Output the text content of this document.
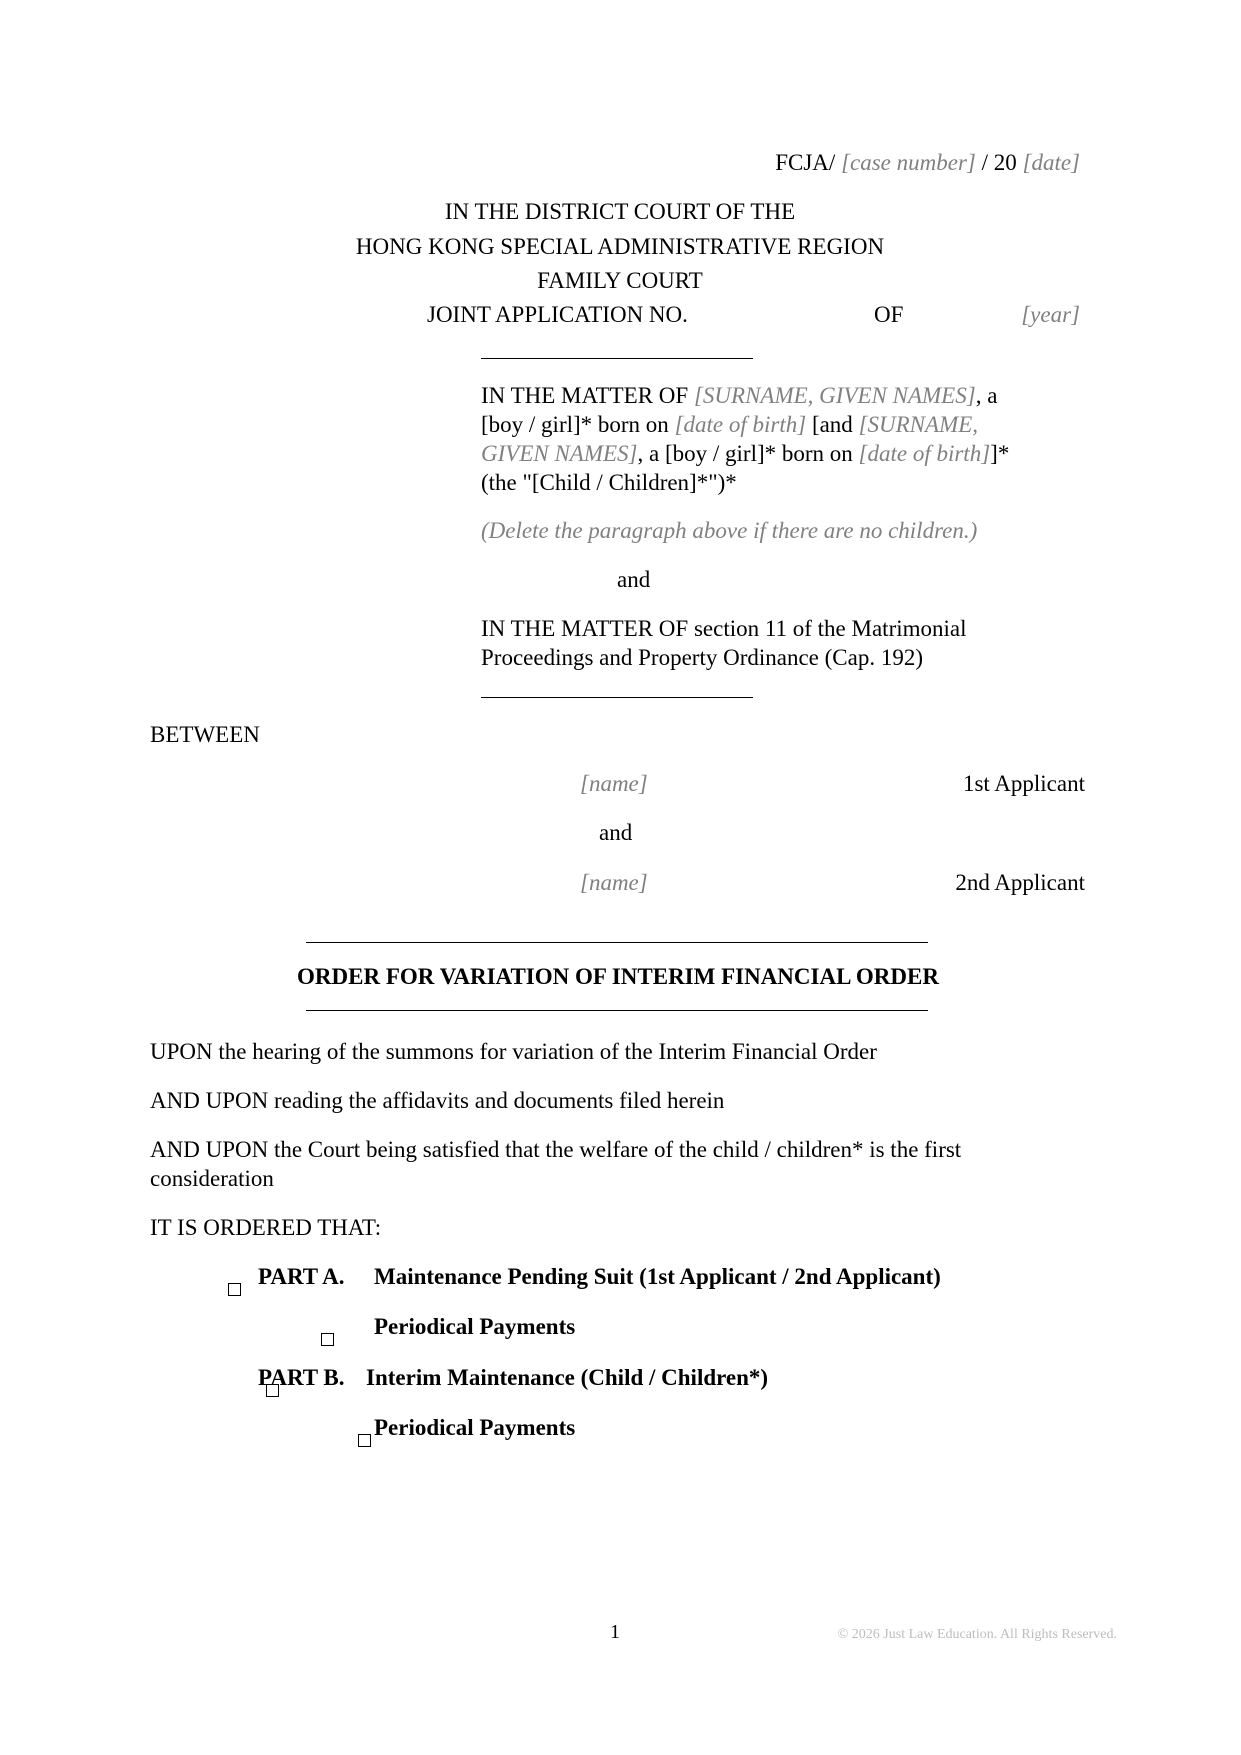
FCJA/ [case number] / 20 [date]
IN THE DISTRICT COURT OF THE
HONG KONG SPECIAL ADMINISTRATIVE REGION
FAMILY COURT
JOINT APPLICATION NO.	OF	[year]
IN THE MATTER OF [SURNAME, GIVEN NAMES], a
[boy / girl]* born on [date of birth] [and [SURNAME,
GIVEN NAMES], a [boy / girl]* born on [date of birth]]*
(the "[Child / Children]*")*
(Delete the paragraph above if there are no children.)
and
IN THE MATTER OF section 11 of the Matrimonial
Proceedings and Property Ordinance (Cap. 192)
BETWEEN
[name]	1st Applicant
and
[name]	2nd Applicant
ORDER FOR VARIATION OF INTERIM FINANCIAL ORDER
UPON the hearing of the summons for variation of the Interim Financial Order
AND UPON reading the affidavits and documents filed herein
AND UPON the Court being satisfied that the welfare of the child / children* is the first
consideration
IT IS ORDERED THAT:

PART A. Maintenance Pending Suit (1st Applicant / 2nd Applicant)

Periodical Payments

PART B. Interim Maintenance (Child / Children*)
Periodical Payments
1	© 2026 Just Law Education. All Rights Reserved.
